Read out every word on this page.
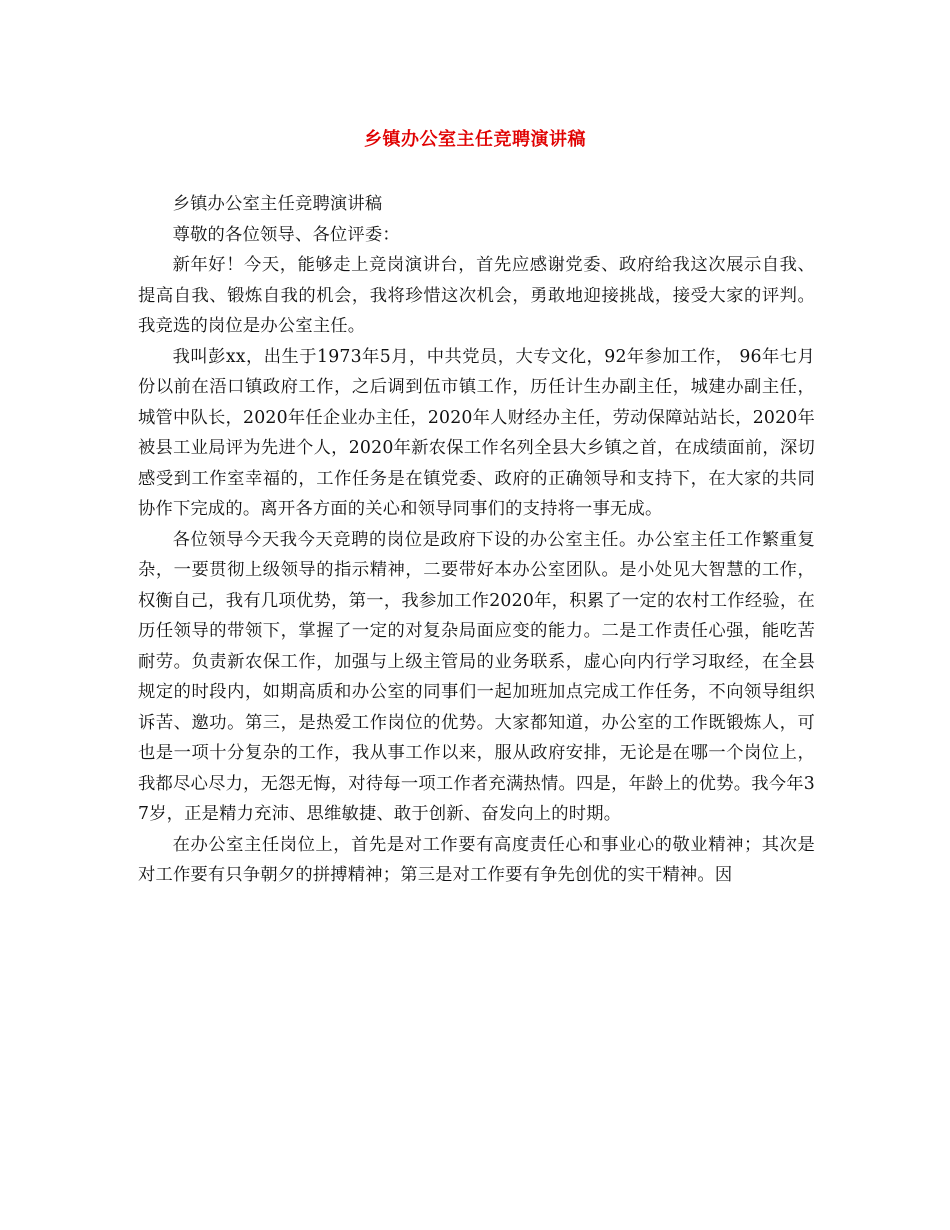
乡镇办公室主任竞聘演讲稿

乡镇办公室主任竞聘演讲稿

尊敬的各位领导、各位评委：

新年好！今天，能够走上竞岗演讲台，首先应感谢党委、政府给我这次展示自我、提高自我、锻炼自我的机会，我将珍惜这次机会，勇敢地迎接挑战，接受大家的评判。我竞选的岗位是办公室主任。

我叫彭xx，出生于1973年5月，中共党员，大专文化，92年参加工作， 96年七月份以前在浯口镇政府工作，之后调到伍市镇工作，历任计生办副主任，城建办副主任，城管中队长，2020年任企业办主任，2020年人财经办主任，劳动保障站站长，2020年被县工业局评为先进个人，2020年新农保工作名列全县大乡镇之首，在成绩面前，深切感受到工作室幸福的，工作任务是在镇党委、政府的正确领导和支持下，在大家的共同协作下完成的。离开各方面的关心和领导同事们的支持将一事无成。

各位领导今天我今天竞聘的岗位是政府下设的办公室主任。办公室主任工作繁重复杂，一要贯彻上级领导的指示精神，二要带好本办公室团队。是小处见大智慧的工作，权衡自己，我有几项优势，第一，我参加工作2020年，积累了一定的农村工作经验，在历任领导的带领下，掌握了一定的对复杂局面应变的能力。二是工作责任心强，能吃苦耐劳。负责新农保工作，加强与上级主管局的业务联系，虚心向内行学习取经，在全县规定的时段内，如期高质和办公室的同事们一起加班加点完成工作任务，不向领导组织诉苦、邀功。第三，是热爱工作岗位的优势。大家都知道，办公室的工作既锻炼人，可也是一项十分复杂的工作，我从事工作以来，服从政府安排，无论是在哪一个岗位上，我都尽心尽力，无怨无悔，对待每一项工作者充满热情。四是，年龄上的优势。我今年37岁，正是精力充沛、思维敏捷、敢于创新、奋发向上的时期。

在办公室主任岗位上，首先是对工作要有高度责任心和事业心的敬业精神；其次是对工作要有只争朝夕的拼搏精神；第三是对工作要有争先创优的实干精神。因
